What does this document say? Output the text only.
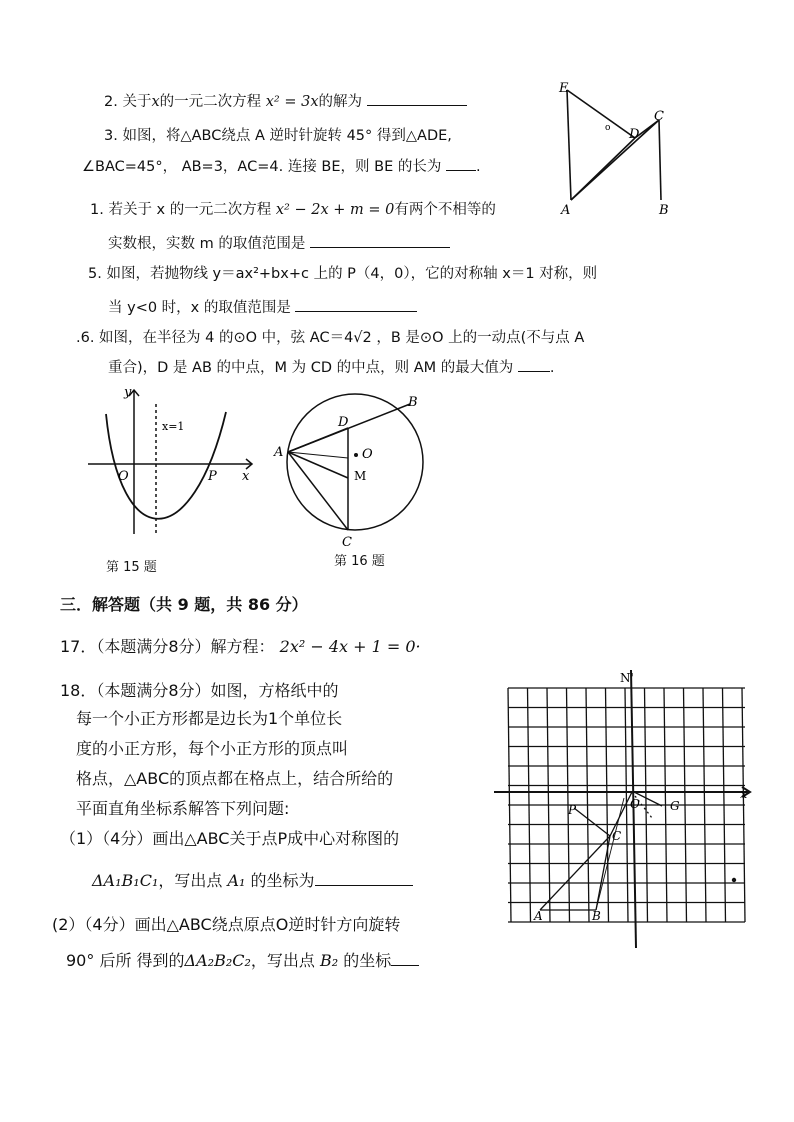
2. 关于x的一元二次方程 x² = 3x的解为
3. 如图，将△ABC绕点 A 逆时针旋转 45° 得到△ADE,
∠BAC=45°， AB=3，AC=4. 连接 BE，则 BE 的长为 .
E
D
C
A	B
o
1. 若关于 x 的一元二次方程 x² − 2x + m = 0有两个不相等的
实数根，实数 m 的取值范围是
5. 如图，若抛物线 y＝ax²+bx+c 上的 P（4，0），它的对称轴 x＝1 对称，则
当 y<0 时，x 的取值范围是
.6. 如图，在半径为 4 的⊙O 中，弦 AC＝4√2 ，B 是⊙O 上的一动点(不与点 A
重合)，D 是 AB 的中点，M 为 CD 的中点，则 AM 的最大值为	.
y
x
x=1
O	P
第 15 题
A
B
C
D
O
M
第 16 题
三．解答题（共 9 题，共 86 分）
17．（本题满分8分）解方程： 2x² − 4x + 1 = 0·
18．（本题满分8分）如图，方格纸中的
每一个小正方形都是边长为1个单位长
度的小正方形，每个小正方形的顶点叫
格点，△ABC的顶点都在格点上，结合所给的
平面直角坐标系解答下列问题:
（1）（4分）画出△ABC关于点P成中心对称图的
ΔA₁B₁C₁，写出点 A₁ 的坐标为
(2）（4分）画出△ABC绕点原点O逆时针方向旋转
90° 后所 得到的ΔA₂B₂C₂，写出点 B₂ 的坐标
N'
x
P	O	G
C
A	B
